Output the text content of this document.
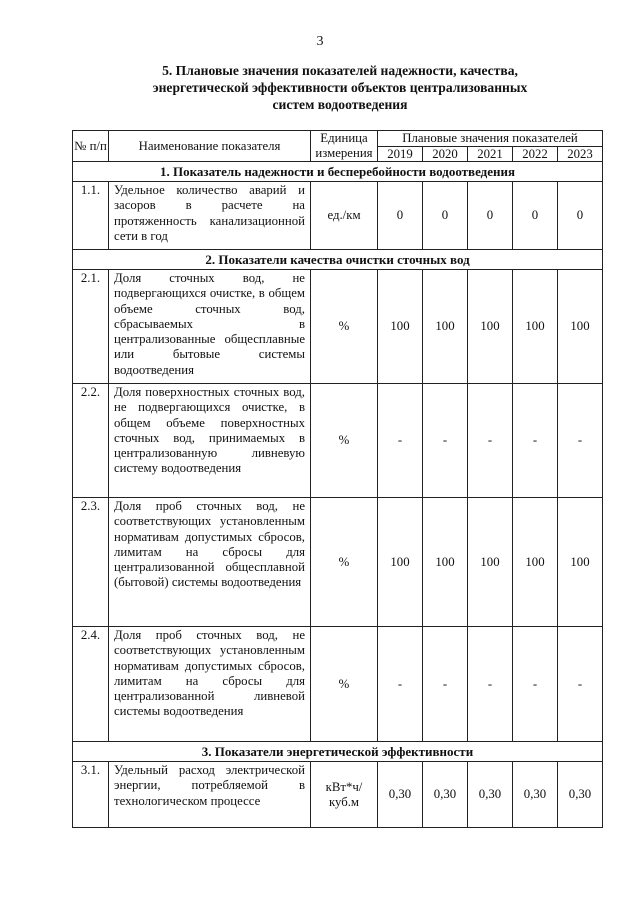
3
5. Плановые значения показателей надежности, качества,
энергетической эффективности объектов централизованных
систем водоотведения
№ п/п	Наименование показателя	Единица измерения	Плановые значения показателей				
			2019	2020	2021	2022	2023
1. Показатель надежности и бесперебойности водоотведения							
1.1.	Удельное количество аварий и засоров в расчете на протяженность канализационной сети в год	ед./км	0	0	0	0	0
2. Показатели качества очистки сточных вод							
2.1.	Доля сточных вод, не подвергающихся очистке, в общем объеме сточных вод, сбрасываемых в централизованные общесплавные или бытовые системы водоотведения	%	100	100	100	100	100
2.2.	Доля поверхностных сточных вод, не подвергающихся очистке, в общем объеме поверхностных сточных вод, принимаемых в централизованную ливневую систему водоотведения	%	-	-	-	-	-
2.3.	Доля проб сточных вод, не соответствующих установленным нормативам допустимых сбросов, лимитам на сбросы для централизованной общесплавной (бытовой) системы водоотведения	%	100	100	100	100	100
2.4.	Доля проб сточных вод, не соответствующих установленным нормативам допустимых сбросов, лимитам на сбросы для централизованной ливневой системы водоотведения	%	-	-	-	-	-
3. Показатели энергетической эффективности							
3.1.	Удельный расход электрической энергии, потребляемой в технологическом процессе	кВт*ч/ куб.м	0,30	0,30	0,30	0,30	0,30
